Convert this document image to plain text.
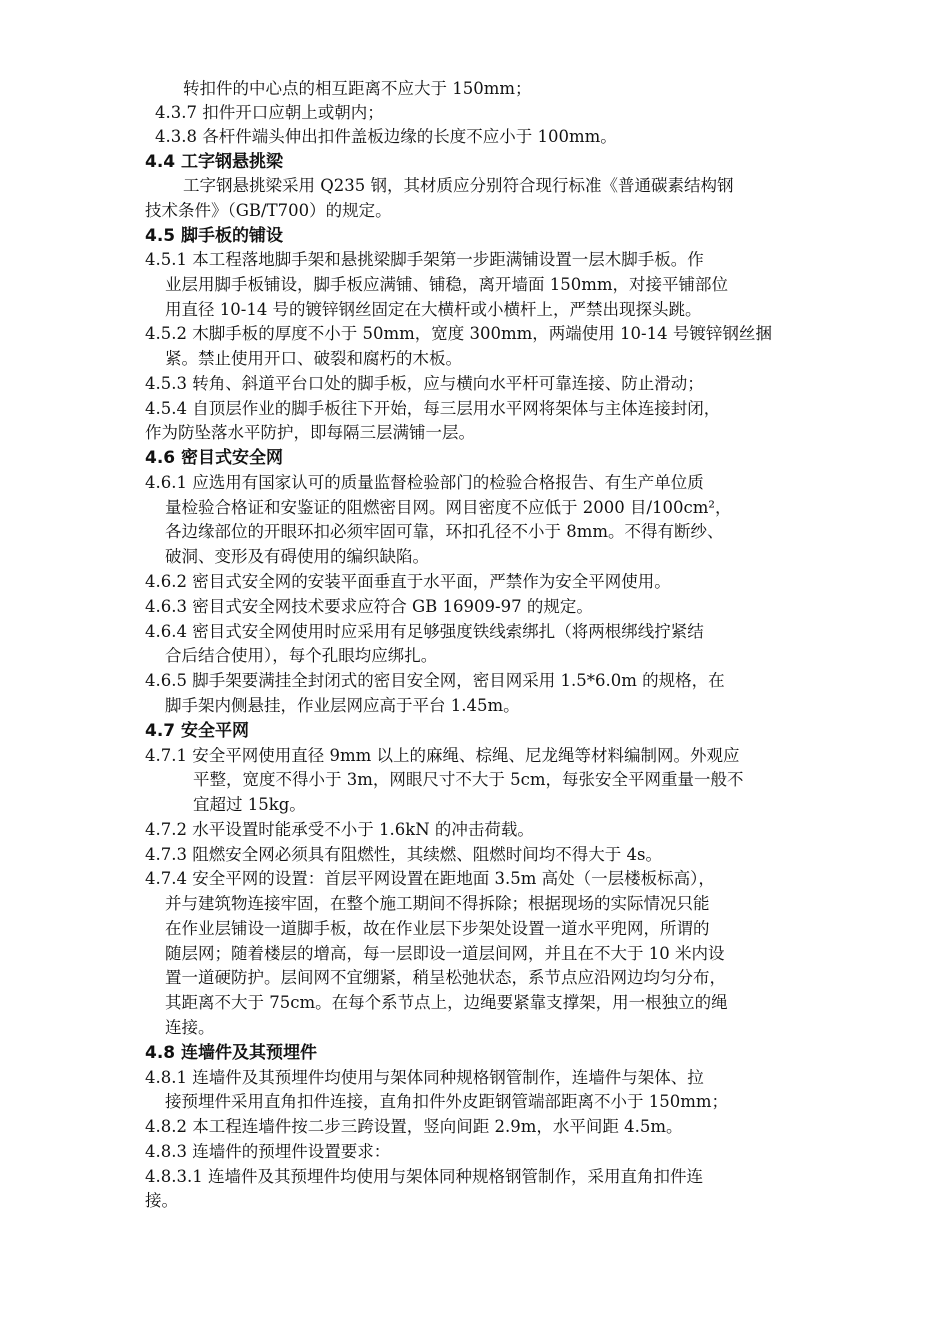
转扣件的中心点的相互距离不应大于 150mm；
4.3.7 扣件开口应朝上或朝内；
4.3.8 各杆件端头伸出扣件盖板边缘的长度不应小于 100mm。
4.4 工字钢悬挑梁
工字钢悬挑梁采用 Q235 钢，其材质应分别符合现行标准《普通碳素结构钢
技术条件》（GB/T700）的规定。
4.5 脚手板的铺设
4.5.1 本工程落地脚手架和悬挑梁脚手架第一步距满铺设置一层木脚手板。作
业层用脚手板铺设，脚手板应满铺、铺稳，离开墙面 150mm，对接平铺部位
用直径 10-14 号的镀锌钢丝固定在大横杆或小横杆上，严禁出现探头跳。
4.5.2 木脚手板的厚度不小于 50mm，宽度 300mm，两端使用 10-14 号镀锌钢丝捆
紧。禁止使用开口、破裂和腐朽的木板。
4.5.3 转角、斜道平台口处的脚手板，应与横向水平杆可靠连接、防止滑动；
4.5.4 自顶层作业的脚手板往下开始，每三层用水平网将架体与主体连接封闭，
作为防坠落水平防护，即每隔三层满铺一层。
4.6 密目式安全网
4.6.1 应选用有国家认可的质量监督检验部门的检验合格报告、有生产单位质
量检验合格证和安鉴证的阻燃密目网。网目密度不应低于 2000 目/100cm²，
各边缘部位的开眼环扣必须牢固可靠，环扣孔径不小于 8mm。不得有断纱、
破洞、变形及有碍使用的编织缺陷。
4.6.2 密目式安全网的安装平面垂直于水平面，严禁作为安全平网使用。
4.6.3 密目式安全网技术要求应符合 GB 16909-97 的规定。
4.6.4 密目式安全网使用时应采用有足够强度铁线索绑扎（将两根绑线拧紧结
合后结合使用），每个孔眼均应绑扎。
4.6.5 脚手架要满挂全封闭式的密目安全网，密目网采用 1.5*6.0m 的规格，在
脚手架内侧悬挂，作业层网应高于平台 1.45m。
4.7 安全平网
4.7.1 安全平网使用直径 9mm 以上的麻绳、棕绳、尼龙绳等材料编制网。外观应
平整，宽度不得小于 3m，网眼尺寸不大于 5cm，每张安全平网重量一般不
宜超过 15kg。
4.7.2 水平设置时能承受不小于 1.6kN 的冲击荷载。
4.7.3 阻燃安全网必须具有阻燃性，其续燃、阻燃时间均不得大于 4s。
4.7.4 安全平网的设置：首层平网设置在距地面 3.5m 高处（一层楼板标高），
并与建筑物连接牢固，在整个施工期间不得拆除；根据现场的实际情况只能
在作业层铺设一道脚手板，故在作业层下步架处设置一道水平兜网，所谓的
随层网；随着楼层的增高，每一层即设一道层间网，并且在不大于 10 米内设
置一道硬防护。层间网不宜绷紧，稍呈松弛状态，系节点应沿网边均匀分布，
其距离不大于 75cm。在每个系节点上，边绳要紧靠支撑架，用一根独立的绳
连接。
4.8 连墙件及其预埋件
4.8.1 连墙件及其预埋件均使用与架体同种规格钢管制作，连墙件与架体、拉
接预埋件采用直角扣件连接，直角扣件外皮距钢管端部距离不小于 150mm；
4.8.2 本工程连墙件按二步三跨设置，竖向间距 2.9m，水平间距 4.5m。
4.8.3 连墙件的预埋件设置要求：
4.8.3.1 连墙件及其预埋件均使用与架体同种规格钢管制作，采用直角扣件连
接。
